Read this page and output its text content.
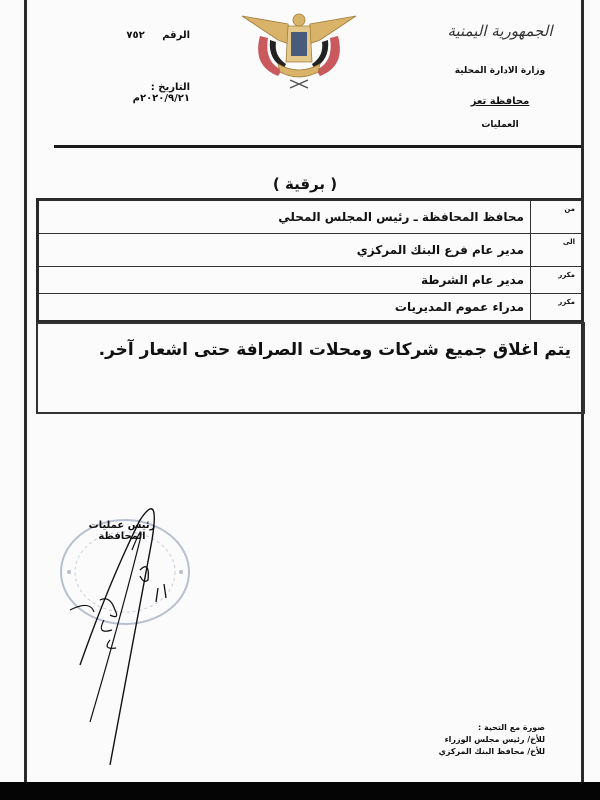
الرقم ٧٥٢
التاريخ : ٢٠٢٠/٩/٢١م
الجمهورية اليمنية
وزارة الادارة المحلية
محافظة تعز
العمليات
( برقية )
من	محافظ المحافظة ـ رئيس المجلس المحلي
الى	مدير عام فرع البنك المركزي
مكرر	مدير عام الشرطة
مكرر	مدراء عموم المديريات
يتم اغلاق جميع شركات ومحلات الصرافة حتى اشعار آخر.
رئيس عمليات المحافظة
صورة مع التحية :
للأخ/ رئيس مجلس الوزراء
للأخ/ محافظ البنك المركزي
